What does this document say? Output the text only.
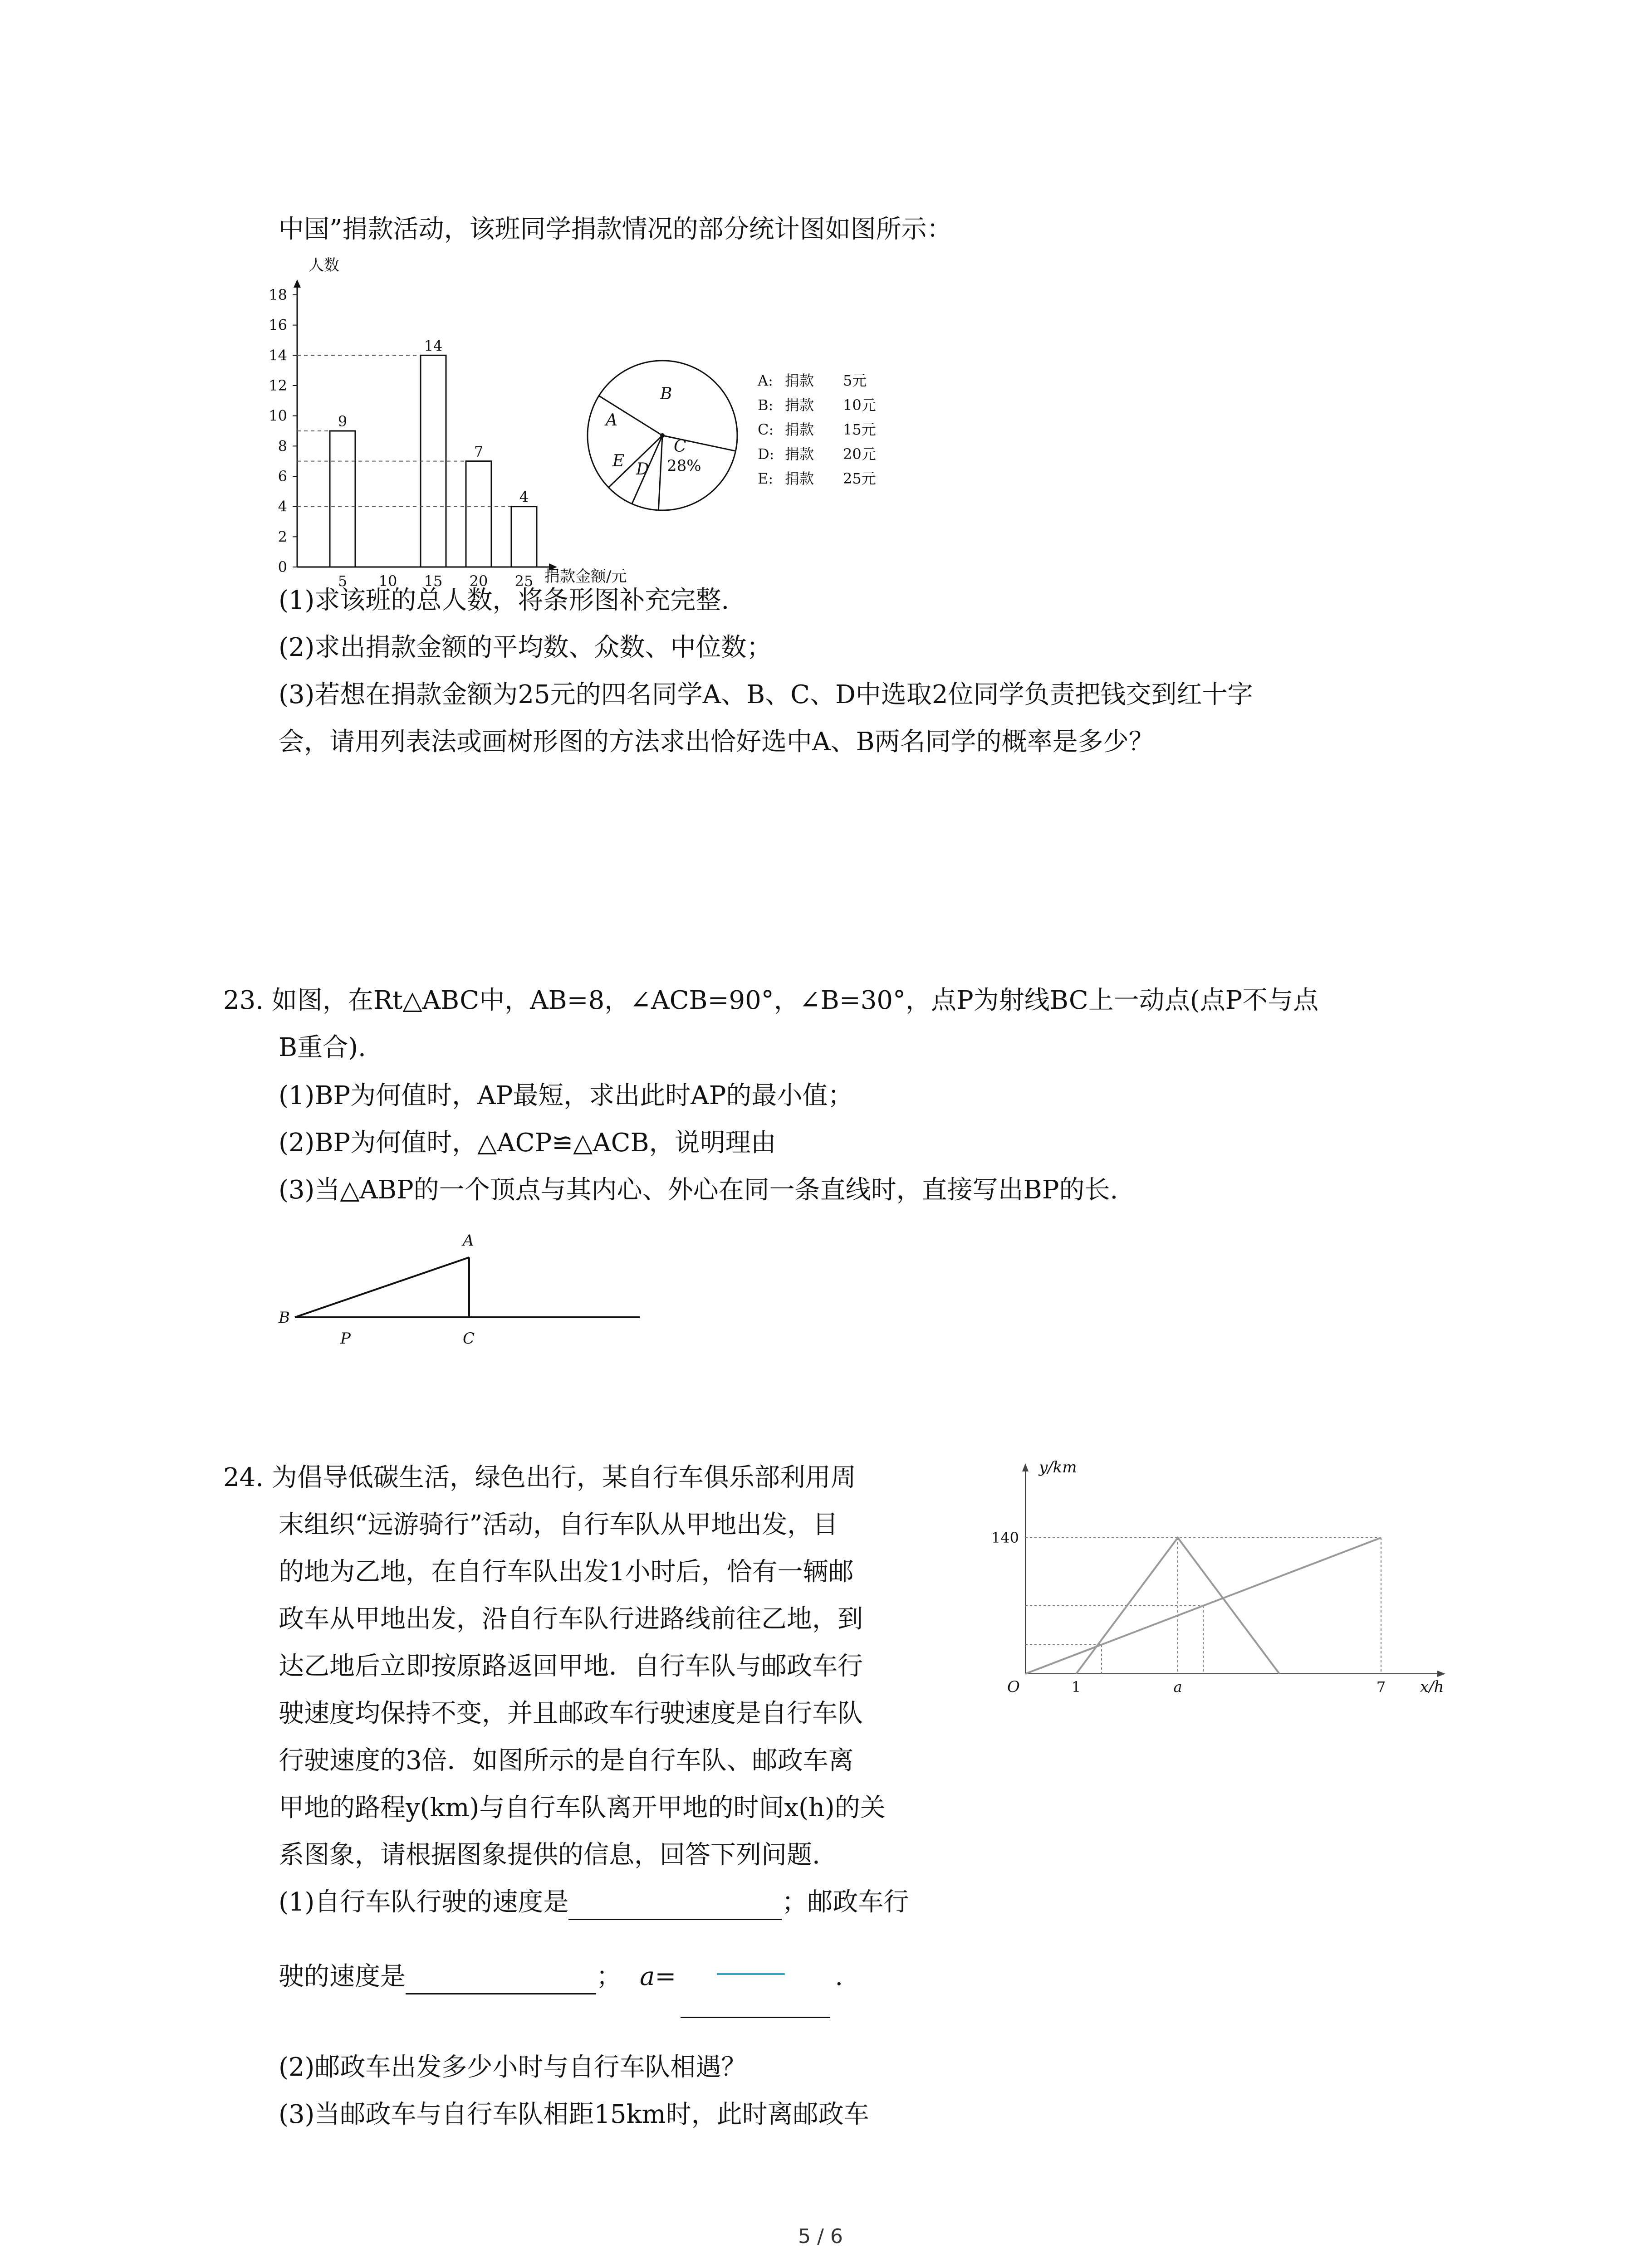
中国”捐款活动，该班同学捐款情况的部分统计图如图所示：
0
2
4
6
8
10
12
14
16
18
5 10 15 20 25
9
14
7
4
人数
捐款金额/元
A
B
C
28%
D
E
A: 捐款 5元
B: 捐款 10元
C: 捐款 15元
D: 捐款 20元
E: 捐款 25元
(1)求该班的总人数，将条形图补充完整.
(2)求出捐款金额的平均数、众数、中位数；
(3)若想在捐款金额为25元的四名同学A、B、C、D中选取2位同学负责把钱交到红十字
会，请用列表法或画树形图的方法求出恰好选中A、B两名同学的概率是多少？
23. 如图，在Rt△ABC中，AB=8，∠ACB=90°，∠B=30°，点P为射线BC上一动点(点P不与点
B重合).
(1)BP为何值时，AP最短，求出此时AP的最小值；
(2)BP为何值时，△ACP≌△ACB，说明理由
(3)当△ABP的一个顶点与其内心、外心在同一条直线时，直接写出BP的长.
A
B
P	C
24. 为倡导低碳生活，绿色出行，某自行车俱乐部利用周
末组织“远游骑行”活动，自行车队从甲地出发，目
的地为乙地，在自行车队出发1小时后，恰有一辆邮
政车从甲地出发，沿自行车队行进路线前往乙地，到
达乙地后立即按原路返回甲地．自行车队与邮政车行
驶速度均保持不变，并且邮政车行驶速度是自行车队
行驶速度的3倍．如图所示的是自行车队、邮政车离
甲地的路程y(km)与自行车队离开甲地的时间x(h)的关
系图象，请根据图象提供的信息，回答下列问题.
(1)自行车队行驶的速度是	；邮政车行
驶的速度是	； a=	.
(2)邮政车出发多少小时与自行车队相遇？
(3)当邮政车与自行车队相距15km时，此时离邮政车
140
1	a	7
y/km
x/h
O
5 / 6
